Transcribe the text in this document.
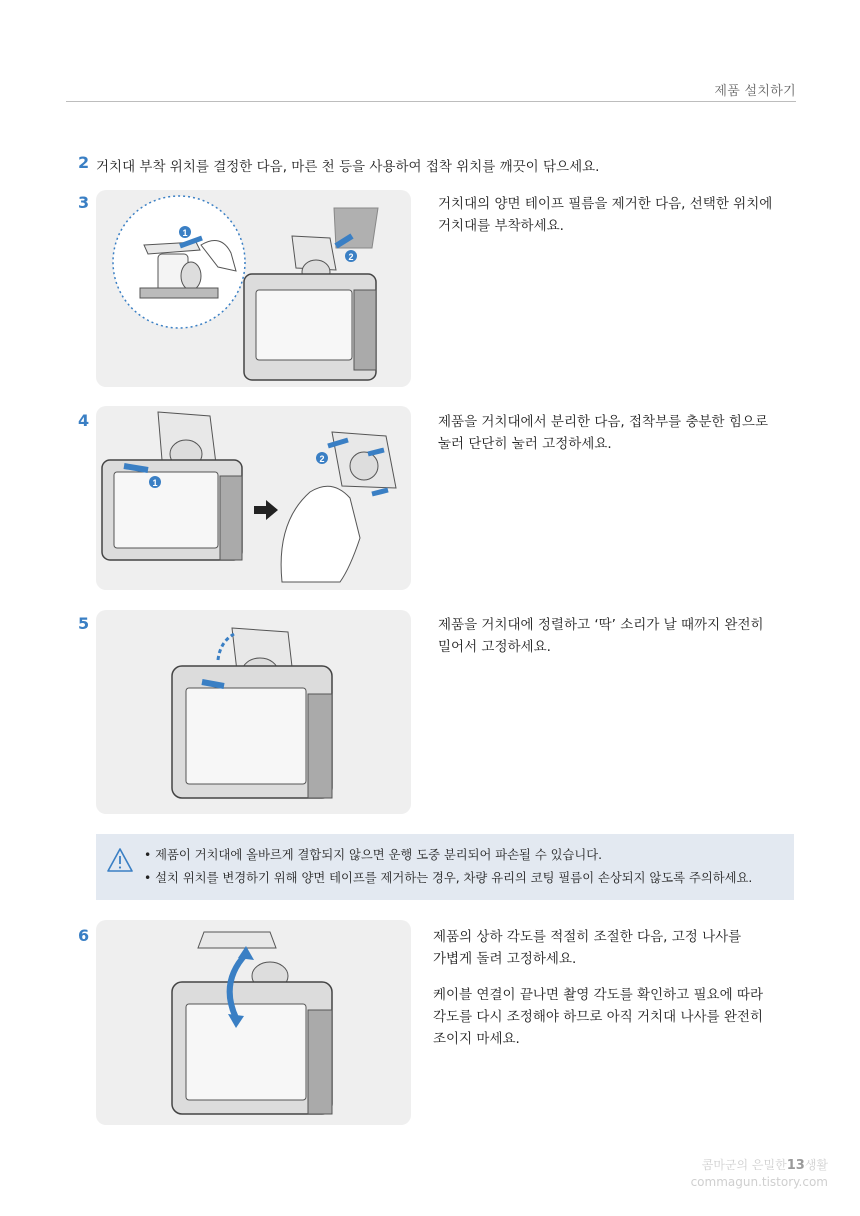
제품 설치하기
2 거치대 부착 위치를 결정한 다음, 마른 천 등을 사용하여 접착 위치를 깨끗이 닦으세요.
3
1
2
거치대의 양면 테이프 필름을 제거한 다음, 선택한 위치에
거치대를 부착하세요.
4
1
2
제품을 거치대에서 분리한 다음, 접착부를 충분한 힘으로
눌러 단단히 눌러 고정하세요.
5	제품을 거치대에 정렬하고 ‘딱’ 소리가 날 때까지 완전히
밀어서 고정하세요.
• 제품이 거치대에 올바르게 결합되지 않으면 운행 도중 분리되어 파손될 수 있습니다.
• 설치 위치를 변경하기 위해 양면 테이프를 제거하는 경우, 차량 유리의 코팅 필름이 손상되지 않도록 주의하세요.
6	제품의 상하 각도를 적절히 조절한 다음, 고정 나사를
가볍게 돌려 고정하세요.

케이블 연결이 끝나면 촬영 각도를 확인하고 필요에 따라
각도를 다시 조정해야 하므로 아직 거치대 나사를 완전히
조이지 마세요.

콤마군의 은밀한13생활
commagun.tistory.com
